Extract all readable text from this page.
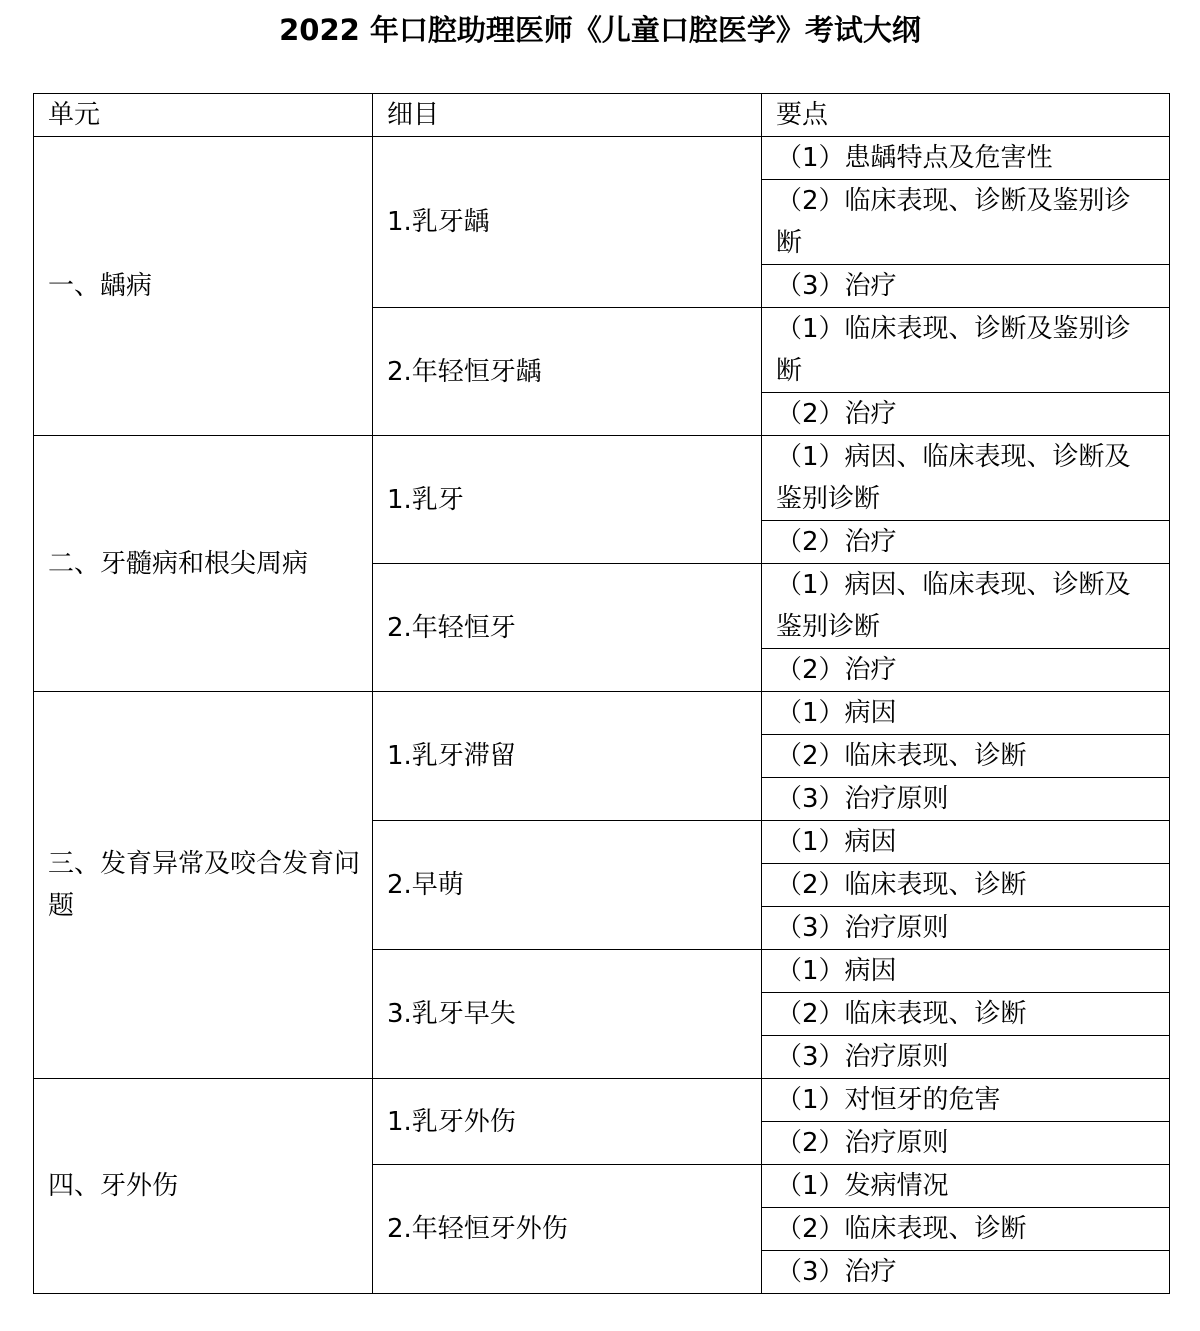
2022 年口腔助理医师《儿童口腔医学》考试大纲
单元	细目	要点
一、龋病	1.乳牙龋	（1）患龋特点及危害性
		（2）临床表现、诊断及鉴别诊断
		（3）治疗
	2.年轻恒牙龋	（1）临床表现、诊断及鉴别诊断
		（2）治疗
二、牙髓病和根尖周病	1.乳牙	（1）病因、临床表现、诊断及鉴别诊断
		（2）治疗
	2.年轻恒牙	（1）病因、临床表现、诊断及鉴别诊断
		（2）治疗
三、发育异常及咬合发育问题	1.乳牙滞留	（1）病因
		（2）临床表现、诊断
		（3）治疗原则
	2.早萌	（1）病因
		（2）临床表现、诊断
		（3）治疗原则
	3.乳牙早失	（1）病因
		（2）临床表现、诊断
		（3）治疗原则
四、牙外伤	1.乳牙外伤	（1）对恒牙的危害
		（2）治疗原则
	2.年轻恒牙外伤	（1）发病情况
		（2）临床表现、诊断
		（3）治疗
